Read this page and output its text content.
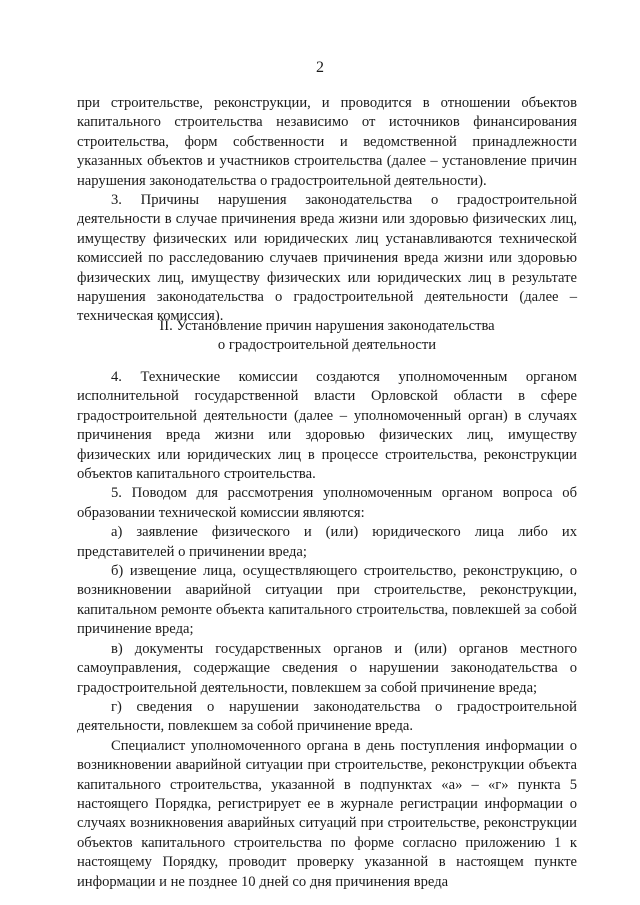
2

при строительстве, реконструкции, и проводится в отношении объектов капитального строительства независимо от источников финансирования строительства, форм собственности и ведомственной принадлежности указанных объектов и участников строительства (далее – установление причин нарушения законодательства о градостроительной деятельности).

3. Причины нарушения законодательства о градостроительной деятельности в случае причинения вреда жизни или здоровью физических лиц, имуществу физических или юридических лиц устанавливаются технической комиссией по расследованию случаев причинения вреда жизни или здоровью физических лиц, имуществу физических или юридических лиц в результате нарушения законодательства о градостроительной деятельности (далее – техническая комиссия).

II. Установление причин нарушения законодательства
о градостроительной деятельности

4. Технические комиссии создаются уполномоченным органом исполнительной государственной власти Орловской области в сфере градостроительной деятельности (далее – уполномоченный орган) в случаях причинения вреда жизни или здоровью физических лиц, имуществу физических или юридических лиц в процессе строительства, реконструкции объектов капитального строительства.

5. Поводом для рассмотрения уполномоченным органом вопроса об образовании технической комиссии являются:

а) заявление физического и (или) юридического лица либо их представителей о причинении вреда;

б) извещение лица, осуществляющего строительство, реконструкцию, о возникновении аварийной ситуации при строительстве, реконструкции, капитальном ремонте объекта капитального строительства, повлекшей за собой причинение вреда;

в) документы государственных органов и (или) органов местного самоуправления, содержащие сведения о нарушении законодательства о градостроительной деятельности, повлекшем за собой причинение вреда;

г) сведения о нарушении законодательства о градостроительной деятельности, повлекшем за собой причинение вреда.

Специалист уполномоченного органа в день поступления информации о возникновении аварийной ситуации при строительстве, реконструкции объекта капитального строительства, указанной в подпунктах «а» – «г» пункта 5 настоящего Порядка, регистрирует ее в журнале регистрации информации о случаях возникновения аварийных ситуаций при строительстве, реконструкции объектов капитального строительства по форме согласно приложению 1 к настоящему Порядку, проводит проверку указанной в настоящем пункте информации и не позднее 10 дней со дня причинения вреда
